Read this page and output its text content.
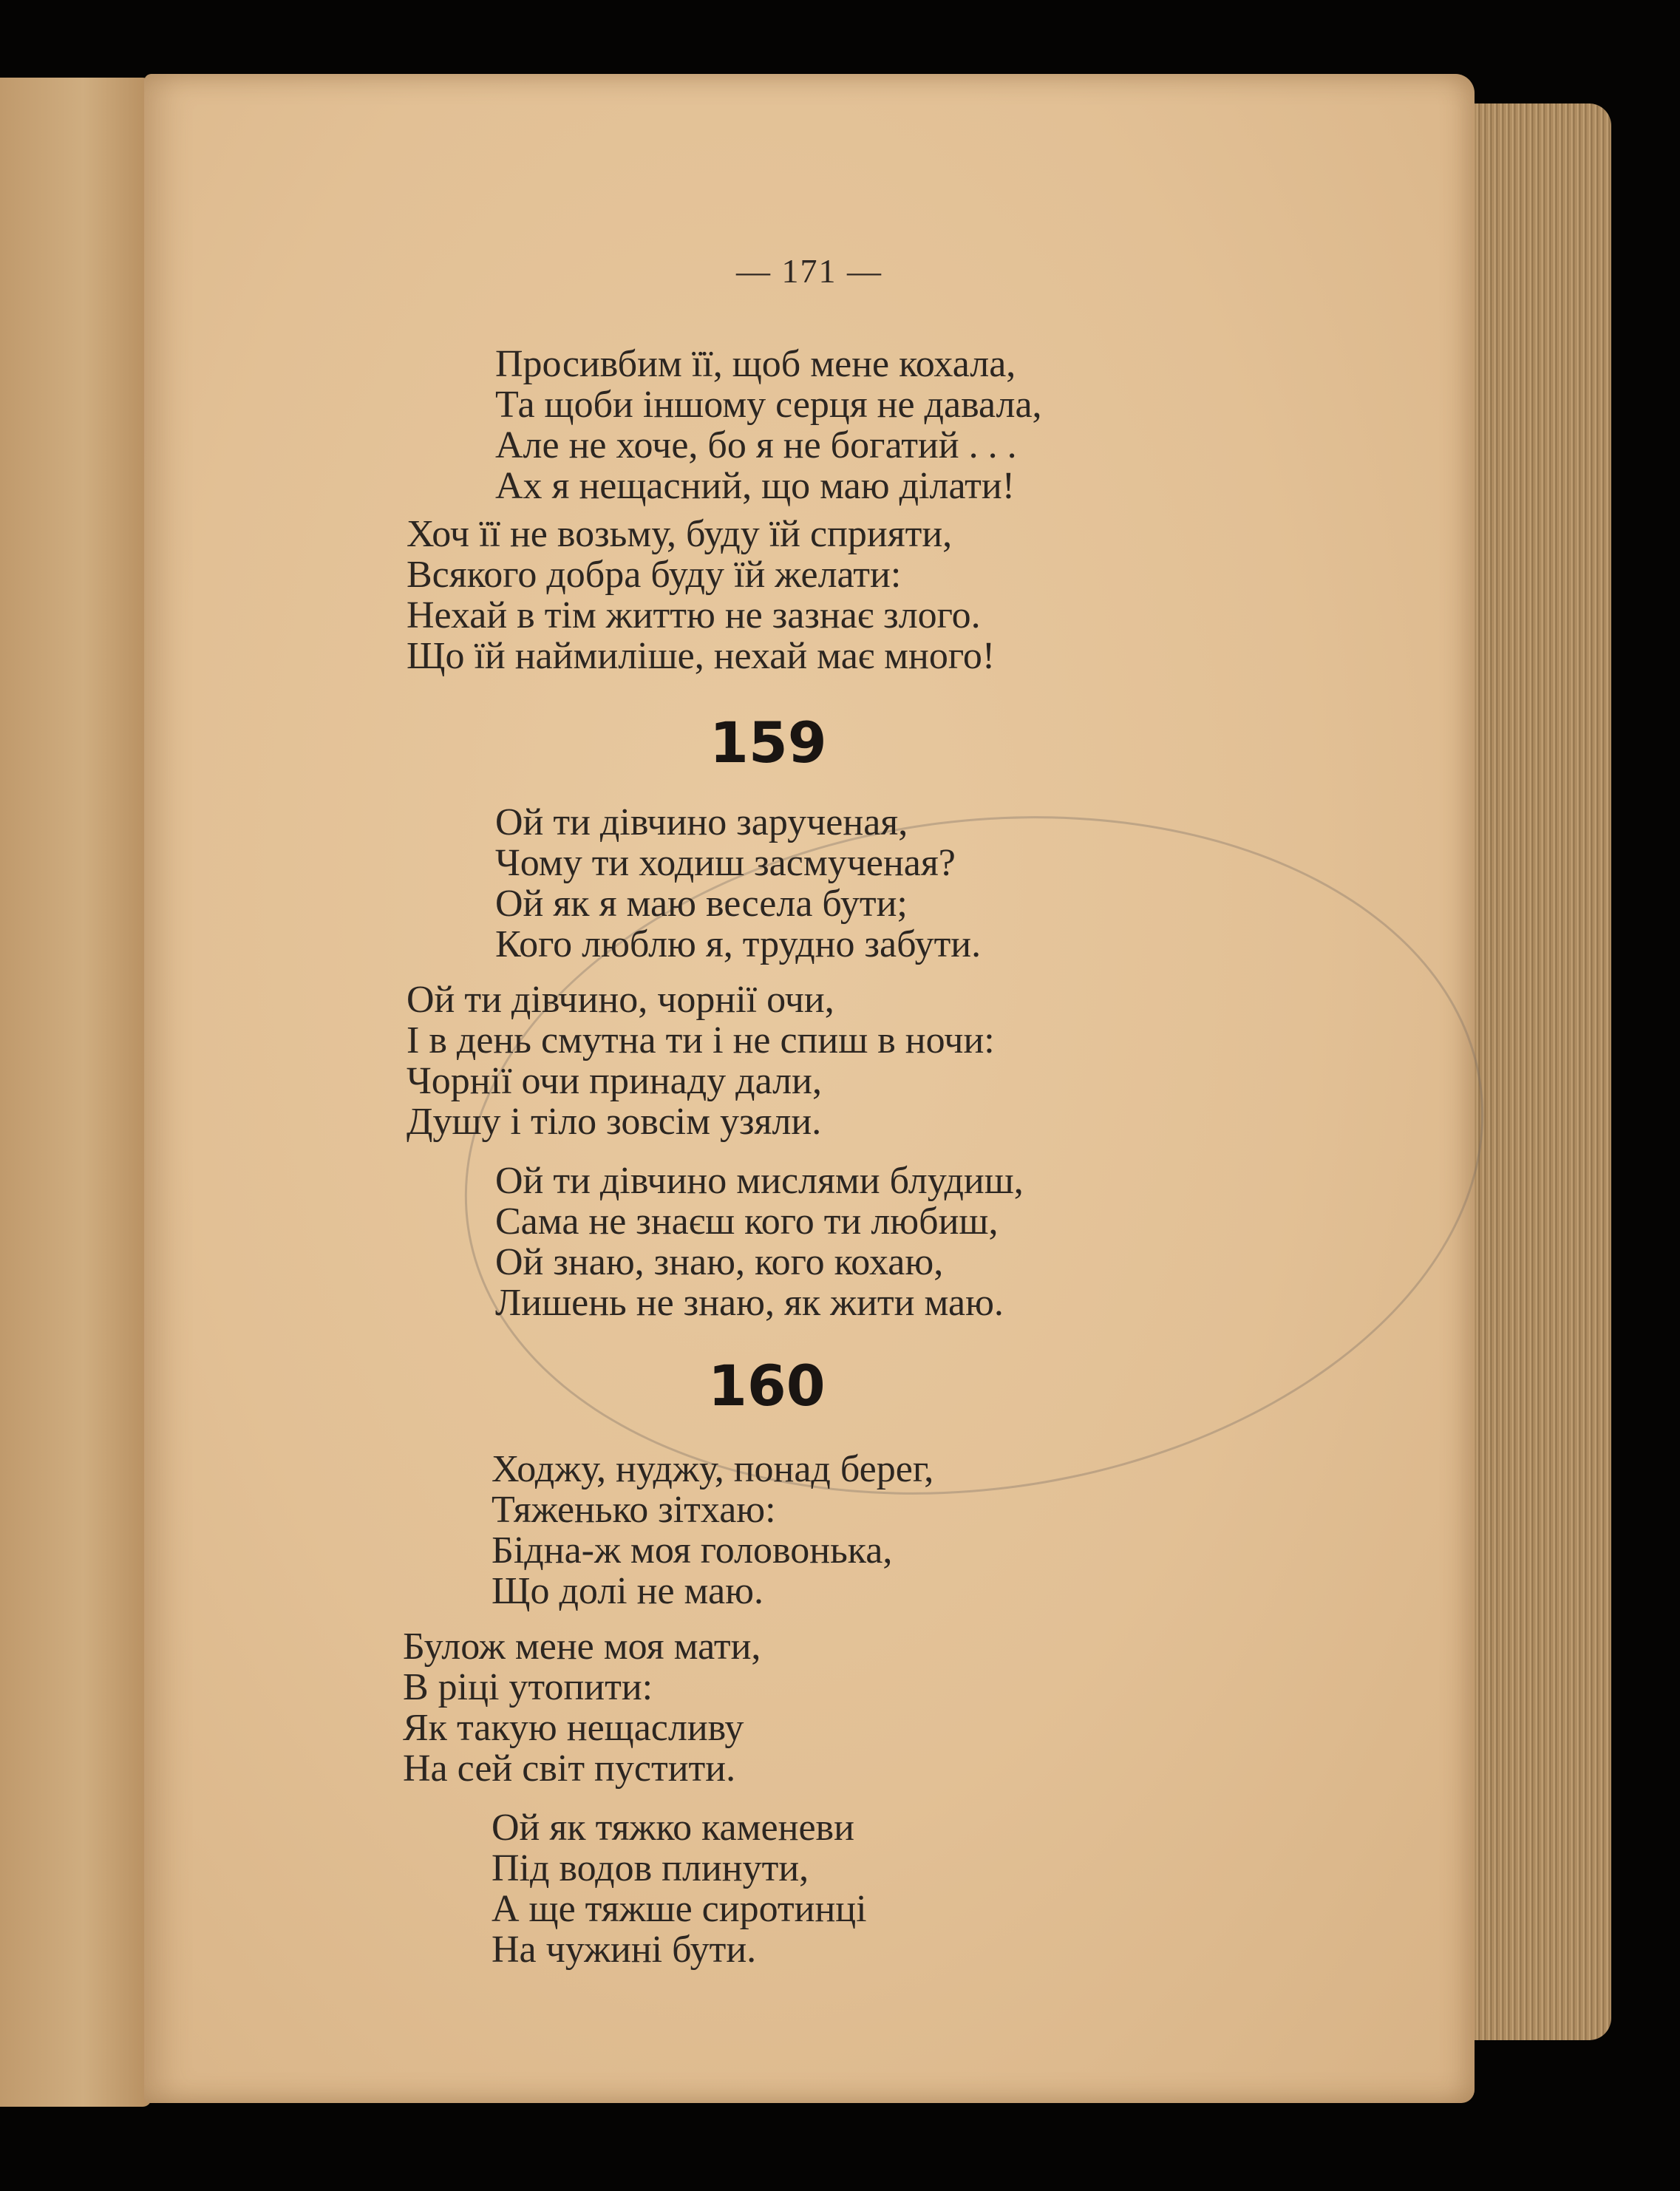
— 171 —
Просивбим її, щоб мене кохала,
Та щоби іншому серця не давала,
Але не хоче, бо я не богатий . . .
Ах я нещасний, що маю ділати!
Хоч її не возьму, буду їй сприяти,
Всякого добра буду їй желати:
Нехай в тім життю не зазнає злого.
Що їй наймиліше, нехай має много!
159
Ой ти дівчино зарученая,
Чому ти ходиш засмученая?
Ой як я маю весела бути;
Кого люблю я, трудно забути.
Ой ти дівчино, чорнії очи,
І в день смутна ти і не спиш в ночи:
Чорнії очи принаду дали,
Душу і тіло зовсім узяли.
Ой ти дівчино мислями блудиш,
Сама не знаєш кого ти любиш,
Ой знаю, знаю, кого кохаю,
Лишень не знаю, як жити маю.
160
Ходжу, нуджу, понад берег,
Тяженько зітхаю:
Бідна-ж моя головонька,
Що долі не маю.
Булож мене моя мати,
В ріці утопити:
Як такую нещасливу
На сей світ пустити.
Ой як тяжко каменеви
Під водов плинути,
А ще тяжше сиротинці
На чужині бути.
